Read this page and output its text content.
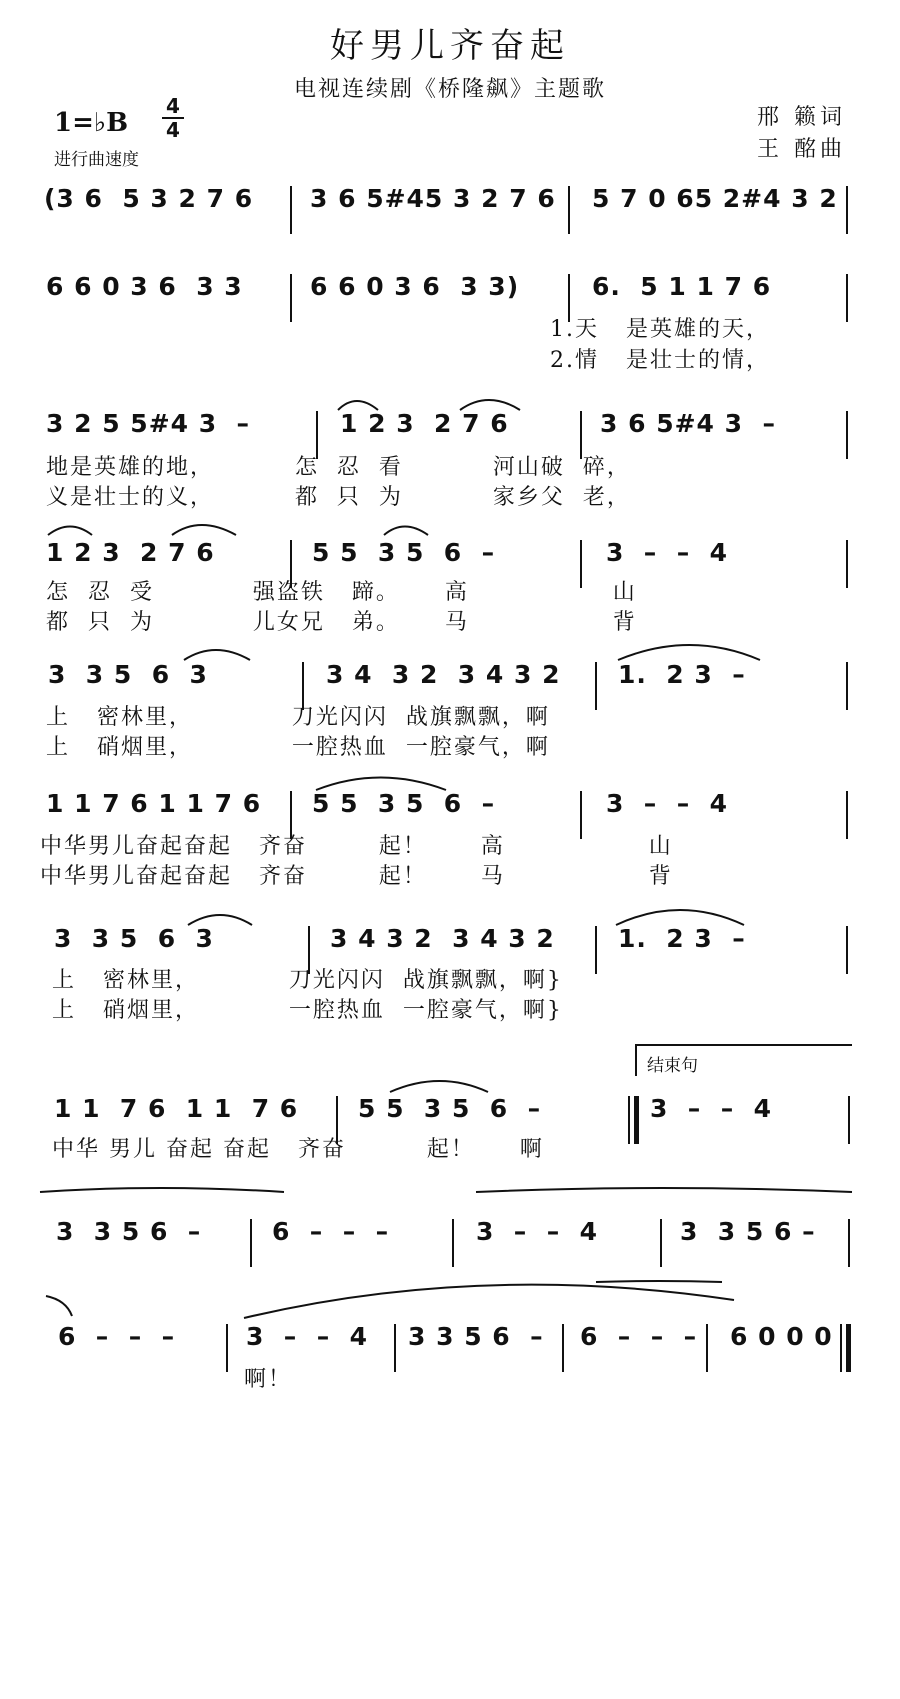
好男儿齐奋起
电视连续剧《桥隆飙》主题歌
1=♭B
4
4
进行曲速度
邢 籁词
王 酩曲

(3 6  5 3 2 7 6

3 6 5#45 3 2 7 6

5 7 0 65 2#4 3 2

6 6 0 3 6  3 3

	6 6 0 3 6  3 3)

	6.  5 1 1 7 6

1.天   是英雄的天，
2.情   是壮士的情，

3 2 5 5#4 3  –

	1 2 3  2 7 6

	3 6 5#4 3  –

地是英雄的地，         怎  忍  看          河山破  碎，
义是壮士的义，         都  只  为          家乡父  老，

1 2 3  2 7 6

	5 5  3 5  6  –

	3  –  –  4

怎  忍  受           强盗铁   蹄。     高                山
都  只  为           儿女兄   弟。     马                背

3  3 5  6  3

	3 4  3 2  3 4 3 2

1.  2 3  –

上   密林里，           刀光闪闪  战旗飘飘，啊
上   硝烟里，           一腔热血  一腔豪气，啊

1 1 7 6 1 1 7 6

5 5  3 5  6  –

	3  –  –  4

中华男儿奋起奋起   齐奋        起！      高                山
中华男儿奋起奋起   齐奋        起！      马                背

3  3 5  6  3

	3 4 3 2  3 4 3 2

	1.  2 3  –

上   密林里，          刀光闪闪  战旗飘飘，啊}
上   硝烟里，          一腔热血  一腔豪气，啊}
结束句

1 1  7 6  1 1  7 6

5 5  3 5  6  –

	3  –  –  4

中华 男儿 奋起 奋起   齐奋         起！     啊

3  3 5 6  –

	6  –  –  –

	3  –  –  4

	3  3 5 6 –

6  –  –  –

	3  –  –  4

3 3 5 6  –

6  –  –  –

6 0 0 0

啊！
